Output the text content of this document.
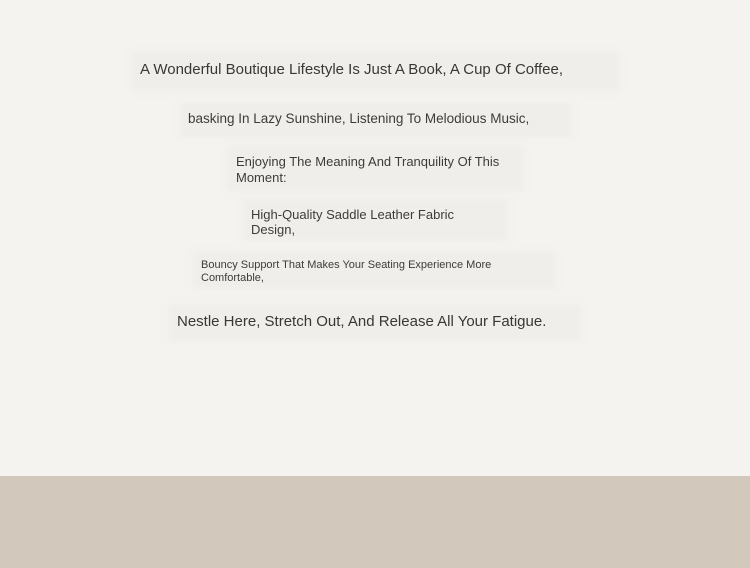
A Wonderful Boutique Lifestyle Is Just A Book, A Cup Of Coffee,
basking In Lazy Sunshine, Listening To Melodious Music,
Enjoying The Meaning And Tranquility Of This Moment:
High-Quality Saddle Leather Fabric Design,
Bouncy Support That Makes Your Seating Experience More Comfortable,
Nestle Here, Stretch Out, And Release All Your Fatigue.
